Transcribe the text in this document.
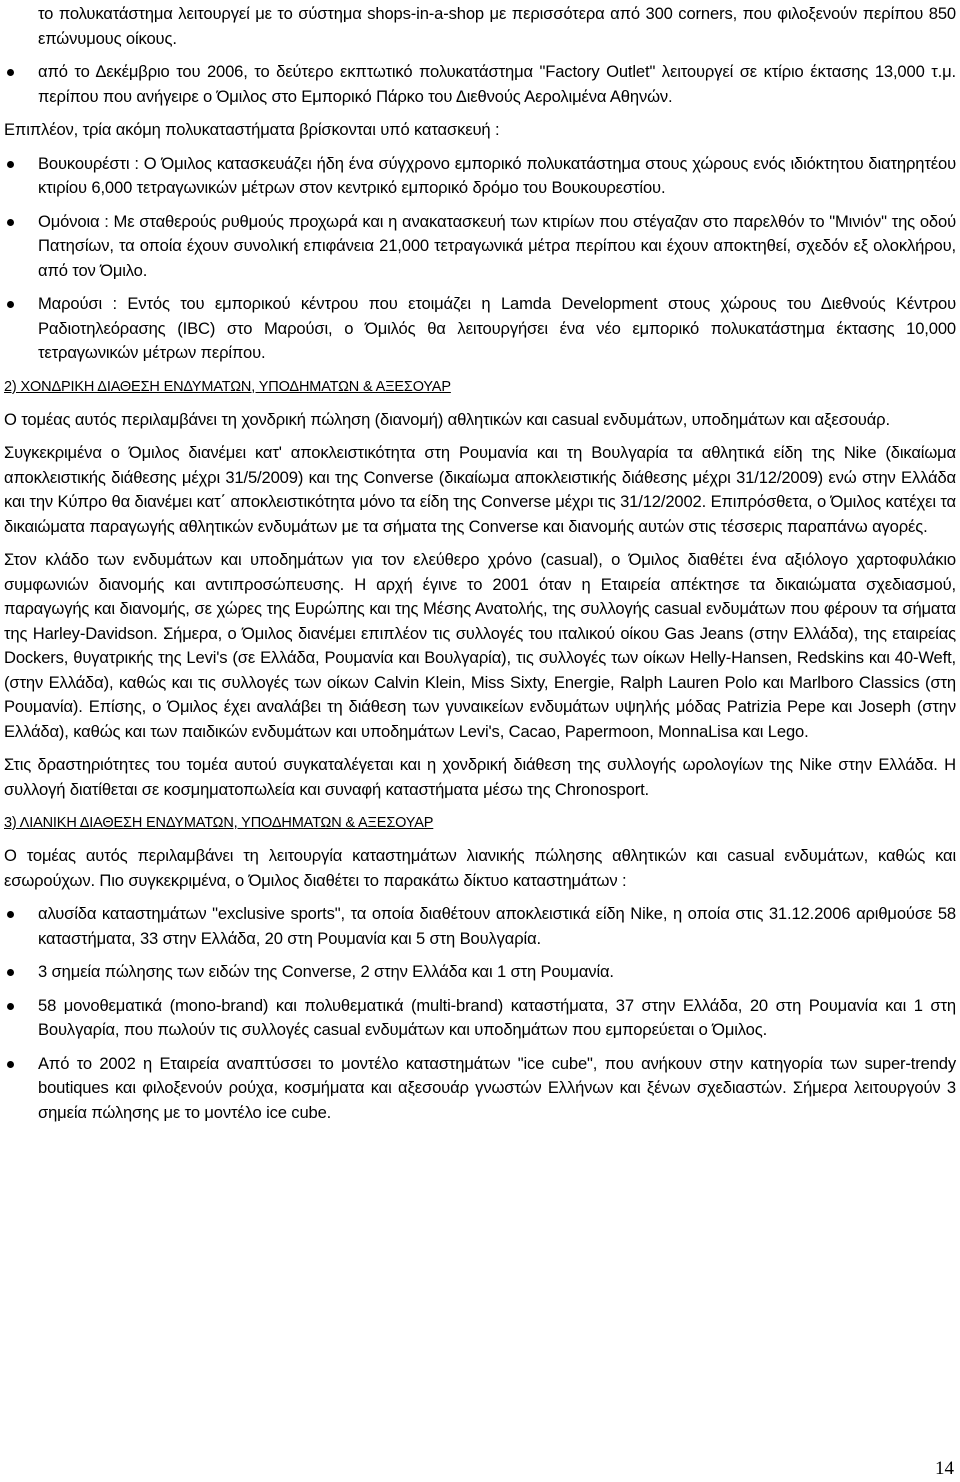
το πολυκατάστημα λειτουργεί με το σύστημα shops-in-a-shop με περισσότερα από 300 corners, που φιλοξενούν περίπου 850 επώνυμους οίκους.

από το Δεκέμβριο του 2006, το δεύτερο εκπτωτικό πολυκατάστημα "Factory Outlet" λειτουργεί σε κτίριο έκτασης 13,000 τ.μ. περίπου που ανήγειρε ο Όμιλος στο Εμπορικό Πάρκο του Διεθνούς Αερολιμένα Αθηνών.

Επιπλέον, τρία ακόμη πολυκαταστήματα βρίσκονται υπό κατασκευή :

Βουκουρέστι : Ο Όμιλος κατασκευάζει ήδη ένα σύγχρονο εμπορικό πολυκατάστημα στους χώρους ενός ιδιόκτητου διατηρητέου κτιρίου 6,000 τετραγωνικών μέτρων στον κεντρικό εμπορικό δρόμο του Βουκουρεστίου.

Ομόνοια : Με σταθερούς ρυθμούς προχωρά και η ανακατασκευή των κτιρίων που στέγαζαν στο παρελθόν το "Μινιόν" της οδού Πατησίων, τα οποία έχουν συνολική επιφάνεια 21,000 τετραγωνικά μέτρα περίπου και έχουν αποκτηθεί, σχεδόν εξ ολοκλήρου, από τον Όμιλο.

Μαρούσι : Εντός του εμπορικού κέντρου που ετοιμάζει η Lamda Development στους χώρους του Διεθνούς Κέντρου Ραδιοτηλεόρασης (IBC) στο Μαρούσι, ο Όμιλός θα λειτουργήσει ένα νέο εμπορικό πολυκατάστημα έκτασης 10,000 τετραγωνικών μέτρων περίπου.

2) ΧΟΝΔΡΙΚΗ ΔΙΑΘΕΣΗ ΕΝΔΥΜΑΤΩΝ, ΥΠΟΔΗΜΑΤΩΝ & ΑΞΕΣΟΥΑΡ

Ο τομέας αυτός περιλαμβάνει τη χονδρική πώληση (διανομή) αθλητικών και casual ενδυμάτων, υποδημάτων και αξεσουάρ.

Συγκεκριμένα ο Όμιλος διανέμει κατ' αποκλειστικότητα στη Ρουμανία και τη Βουλγαρία τα αθλητικά είδη της Nike (δικαίωμα αποκλειστικής διάθεσης μέχρι 31/5/2009) και της Converse (δικαίωμα αποκλειστικής διάθεσης μέχρι 31/12/2009) ενώ στην Ελλάδα και την Κύπρο θα διανέμει κατ΄ αποκλειστικότητα μόνο τα είδη της Converse μέχρι τις 31/12/2002. Επιπρόσθετα, ο Όμιλος κατέχει τα δικαιώματα παραγωγής αθλητικών ενδυμάτων με τα σήματα της Converse και διανομής αυτών στις τέσσερις παραπάνω αγορές.

Στον κλάδο των ενδυμάτων και υποδημάτων για τον ελεύθερο χρόνο (casual), ο Όμιλος διαθέτει ένα αξιόλογο χαρτοφυλάκιο συμφωνιών διανομής και αντιπροσώπευσης. Η αρχή έγινε το 2001 όταν η Εταιρεία απέκτησε τα δικαιώματα σχεδιασμού, παραγωγής και διανομής, σε χώρες της Ευρώπης και της Μέσης Ανατολής, της συλλογής casual ενδυμάτων που φέρουν τα σήματα της Harley-Davidson. Σήμερα, ο Όμιλος διανέμει επιπλέον τις συλλογές του ιταλικού οίκου Gas Jeans (στην Ελλάδα), της εταιρείας Dockers, θυγατρικής της Levi's (σε Ελλάδα, Ρουμανία και Βουλγαρία), τις συλλογές των οίκων Helly-Hansen, Redskins και 40-Weft, (στην Ελλάδα), καθώς και τις συλλογές των οίκων Calvin Klein, Miss Sixty, Energie, Ralph Lauren Polo και Marlboro Classics (στη Ρουμανία). Επίσης, ο Όμιλος έχει αναλάβει τη διάθεση των γυναικείων ενδυμάτων υψηλής μόδας Patrizia Pepe και Joseph (στην Ελλάδα), καθώς και των παιδικών ενδυμάτων και υποδημάτων Levi's, Cacao, Papermoon, MonnaLisa και Lego.

Στις δραστηριότητες του τομέα αυτού συγκαταλέγεται και η χονδρική διάθεση της συλλογής ωρολογίων της Nike στην Ελλάδα. Η συλλογή διατίθεται σε κοσμηματοπωλεία και συναφή καταστήματα μέσω της Chronosport.

3) ΛΙΑΝΙΚΗ ΔΙΑΘΕΣΗ ΕΝΔΥΜΑΤΩΝ, ΥΠΟΔΗΜΑΤΩΝ & ΑΞΕΣΟΥΑΡ

Ο τομέας αυτός περιλαμβάνει τη λειτουργία καταστημάτων λιανικής πώλησης αθλητικών και casual ενδυμάτων, καθώς και εσωρούχων. Πιο συγκεκριμένα, ο Όμιλος διαθέτει το παρακάτω δίκτυο καταστημάτων :

αλυσίδα καταστημάτων "exclusive sports", τα οποία διαθέτουν αποκλειστικά είδη Nike, η οποία στις 31.12.2006 αριθμούσε 58 καταστήματα, 33 στην Ελλάδα, 20 στη Ρουμανία και 5 στη Βουλγαρία.

3 σημεία πώλησης των ειδών της Converse, 2 στην Ελλάδα και 1 στη Ρουμανία.

58 μονοθεματικά (mono-brand) και πολυθεματικά (multi-brand) καταστήματα, 37 στην Ελλάδα, 20 στη Ρουμανία και 1 στη Βουλγαρία, που πωλούν τις συλλογές casual ενδυμάτων και υποδημάτων που εμπορεύεται ο Όμιλος.

Από το 2002 η Εταιρεία αναπτύσσει το μοντέλο καταστημάτων "ice cube", που ανήκουν στην κατηγορία των super-trendy boutiques και φιλοξενούν ρούχα, κοσμήματα και αξεσουάρ γνωστών Ελλήνων και ξένων σχεδιαστών. Σήμερα λειτουργούν 3 σημεία πώλησης με το μοντέλο ice cube.

14
